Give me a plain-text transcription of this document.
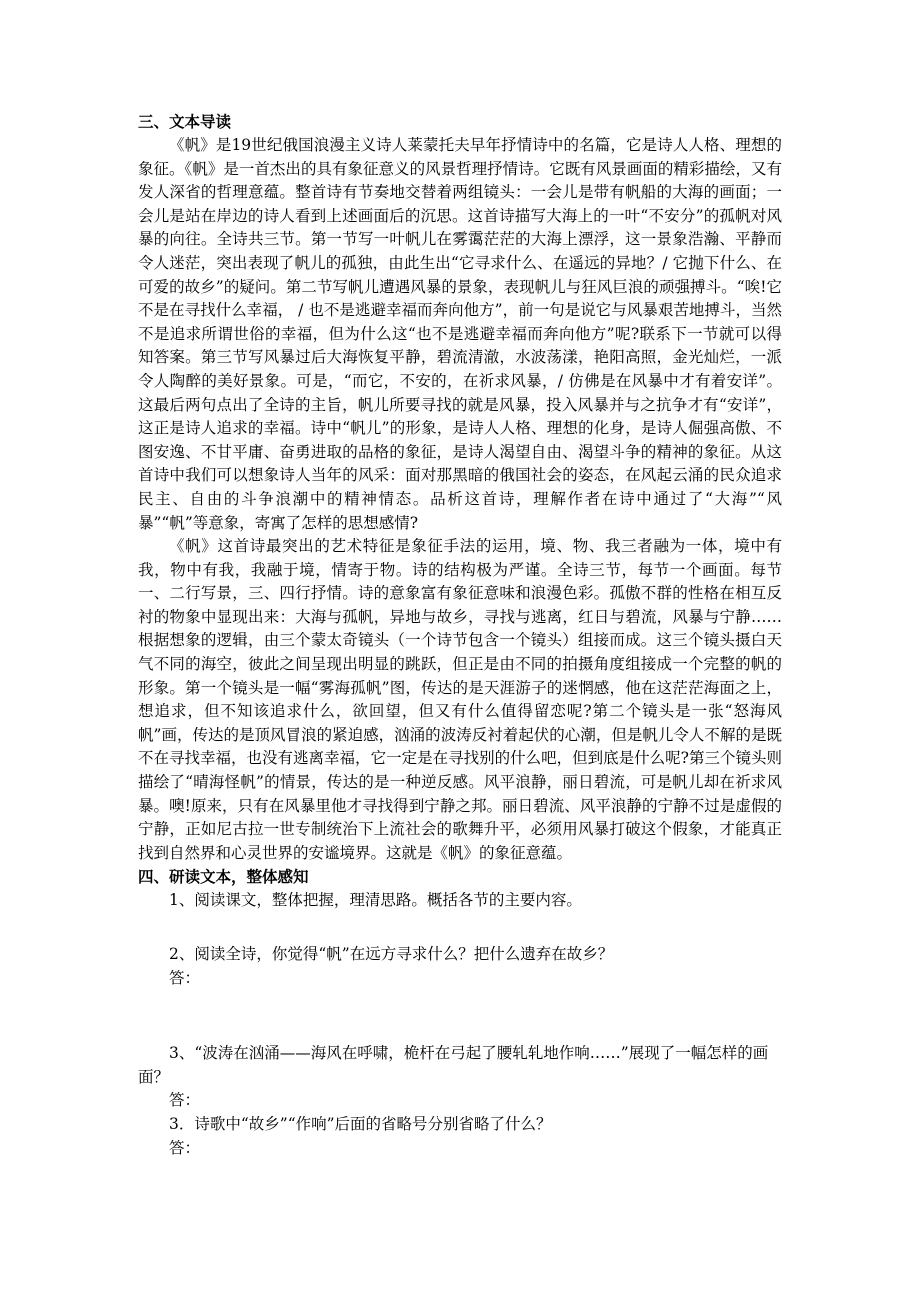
三、文本导读

《帆》是19世纪俄国浪漫主义诗人莱蒙托夫早年抒情诗中的名篇，它是诗人人格、理想的象征。《帆》是一首杰出的具有象征意义的风景哲理抒情诗。它既有风景画面的精彩描绘，又有发人深省的哲理意蕴。整首诗有节奏地交替着两组镜头：一会儿是带有帆船的大海的画面；一会儿是站在岸边的诗人看到上述画面后的沉思。这首诗描写大海上的一叶“不安分”的孤帆对风暴的向往。全诗共三节。第一节写一叶帆儿在雾霭茫茫的大海上漂浮，这一景象浩瀚、平静而令人迷茫，突出表现了帆儿的孤独，由此生出“它寻求什么、在遥远的异地？/ 它抛下什么、在可爱的故乡”的疑问。第二节写帆儿遭遇风暴的景象，表现帆儿与狂风巨浪的顽强搏斗。“唉!它不是在寻找什么幸福， / 也不是逃避幸福而奔向他方”，前一句是说它与风暴艰苦地搏斗，当然不是追求所谓世俗的幸福，但为什么这“也不是逃避幸福而奔向他方”呢?联系下一节就可以得知答案。第三节写风暴过后大海恢复平静，碧流清澈，水波荡漾，艳阳高照，金光灿烂，一派令人陶醉的美好景象。可是，“而它，不安的，在祈求风暴，/ 仿佛是在风暴中才有着安详”。这最后两句点出了全诗的主旨，帆儿所要寻找的就是风暴，投入风暴并与之抗争才有“安详”，这正是诗人追求的幸福。诗中“帆儿”的形象，是诗人人格、理想的化身，是诗人倔强高傲、不图安逸、不甘平庸、奋勇进取的品格的象征，是诗人渴望自由、渴望斗争的精神的象征。从这首诗中我们可以想象诗人当年的风采：面对那黑暗的俄国社会的姿态，在风起云涌的民众追求民主、自由的斗争浪潮中的精神情态。品析这首诗，理解作者在诗中通过了“大海”“风暴”“帆”等意象，寄寓了怎样的思想感情?

《帆》这首诗最突出的艺术特征是象征手法的运用，境、物、我三者融为一体，境中有我，物中有我，我融于境，情寄于物。诗的结构极为严谨。全诗三节，每节一个画面。每节一、二行写景，三、四行抒情。诗的意象富有象征意味和浪漫色彩。孤傲不群的性格在相互反衬的物象中显现出来：大海与孤帆，异地与故乡，寻找与逃离，红日与碧流，风暴与宁静……根据想象的逻辑，由三个蒙太奇镜头（一个诗节包含一个镜头）组接而成。这三个镜头摄白天气不同的海空，彼此之间呈现出明显的跳跃，但正是由不同的拍摄角度组接成一个完整的帆的形象。第一个镜头是一幅“雾海孤帆”图，传达的是天涯游子的迷惘感，他在这茫茫海面之上，想追求，但不知该追求什么，欲回望，但又有什么值得留恋呢?第二个镜头是一张“怒海风帆”画，传达的是顶风冒浪的紧迫感，汹涌的波涛反衬着起伏的心潮，但是帆儿令人不解的是既不在寻找幸福，也没有逃离幸福，它一定是在寻找别的什么吧，但到底是什么呢?第三个镜头则描绘了“晴海怪帆”的情景，传达的是一种逆反感。风平浪静，丽日碧流，可是帆儿却在祈求风暴。噢!原来，只有在风暴里他才寻找得到宁静之邦。丽日碧流、风平浪静的宁静不过是虚假的宁静，正如尼古拉一世专制统治下上流社会的歌舞升平，必须用风暴打破这个假象，才能真正找到自然界和心灵世界的安谧境界。这就是《帆》的象征意蕴。

四、研读文本，整体感知

1、阅读课文，整体把握，理清思路。概括各节的主要内容。

2、阅读全诗，你觉得“帆”在远方寻求什么？把什么遗弃在故乡？

答：

3、“波涛在汹涌——海风在呼啸，桅杆在弓起了腰轧轧地作响……”展现了一幅怎样的画面？

答：

3．诗歌中“故乡”“作响”后面的省略号分别省略了什么？

答：
